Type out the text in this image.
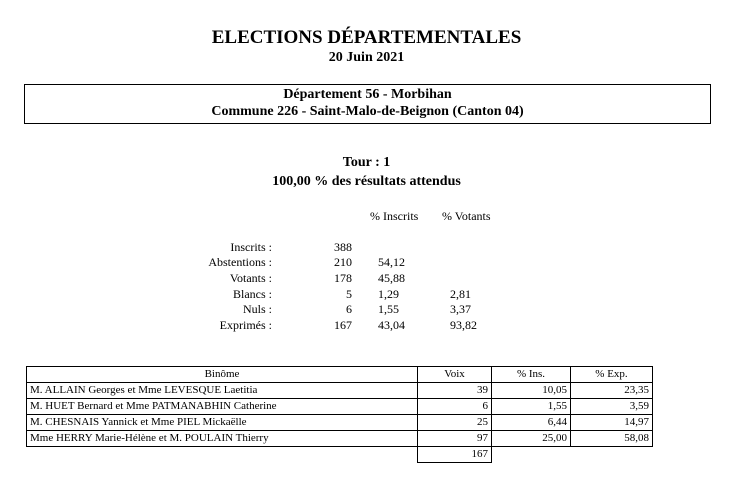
ELECTIONS DÉPARTEMENTALES
20 Juin 2021
Département 56 - Morbihan
Commune 226 - Saint-Malo-de-Beignon (Canton 04)
Tour : 1
100,00 % des résultats attendus
% Inscrits % Votants
Inscrits :	388
Abstentions :	210 54,12
Votants :	178 45,88
Blancs :	5 1,29	2,81
Nuls :	6 1,55	3,37
Exprimés :	167 43,04	93,82
Binôme	Voix	% Ins.	% Exp.
M. ALLAIN Georges et Mme LEVESQUE Laetitia	39	10,05	23,35
M. HUET Bernard et Mme PATMANABHIN Catherine	6	1,55	3,59
M. CHESNAIS Yannick et Mme PIEL Mickaëlle	25	6,44	14,97
Mme HERRY Marie-Hélène et M. POULAIN Thierry	97	25,00	58,08
	167		
